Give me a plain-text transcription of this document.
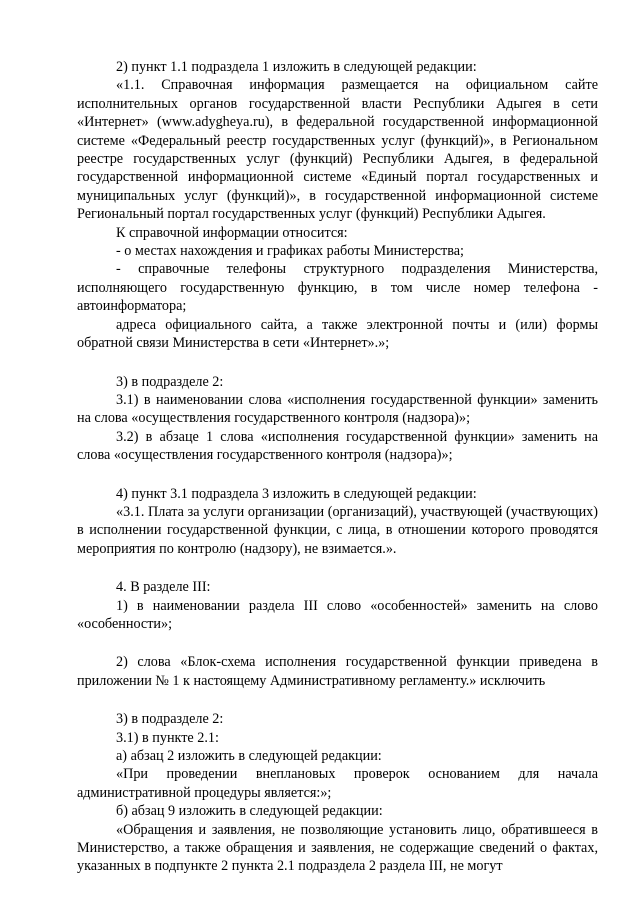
2) пункт 1.1 подраздела 1 изложить в следующей редакции:

«1.1. Справочная информация размещается на официальном сайте исполнительных органов государственной власти Республики Адыгея в сети «Интернет» (www.adygheya.ru), в федеральной государственной информационной системе «Федеральный реестр государственных услуг (функций)», в Региональном реестре государственных услуг (функций) Республики Адыгея, в федеральной государственной информационной системе «Единый портал государственных и муниципальных услуг (функций)», в государственной информационной системе Региональный портал государственных услуг (функций) Республики Адыгея.

К справочной информации относится:

- о местах нахождения и графиках работы Министерства;

- справочные телефоны структурного подразделения Министерства, исполняющего государственную функцию, в том числе номер телефона - автоинформатора;

адреса официального сайта, а также электронной почты и (или) формы обратной связи Министерства в сети «Интернет».»;

3) в подразделе 2:

3.1) в наименовании слова «исполнения государственной функции» заменить на слова «осуществления государственного контроля (надзора)»;

3.2) в абзаце 1 слова «исполнения государственной функции» заменить на слова «осуществления государственного контроля (надзора)»;

4) пункт 3.1 подраздела 3 изложить в следующей редакции:

«3.1. Плата за услуги организации (организаций), участвующей (участвующих) в исполнении государственной функции, с лица, в отношении которого проводятся мероприятия по контролю (надзору), не взимается.».

4. В разделе III:

1) в наименовании раздела III слово «особенностей» заменить на слово «особенности»;

2) слова «Блок-схема исполнения государственной функции приведена в приложении № 1 к настоящему Административному регламенту.» исключить

3) в подразделе 2:

3.1) в пункте 2.1:

а) абзац 2 изложить в следующей редакции:

«При проведении внеплановых проверок основанием для начала административной процедуры является:»;

б) абзац 9 изложить в следующей редакции:

«Обращения и заявления, не позволяющие установить лицо, обратившееся в Министерство, а также обращения и заявления, не содержащие сведений о фактах, указанных в подпункте 2 пункта 2.1 подраздела 2 раздела III, не могут
